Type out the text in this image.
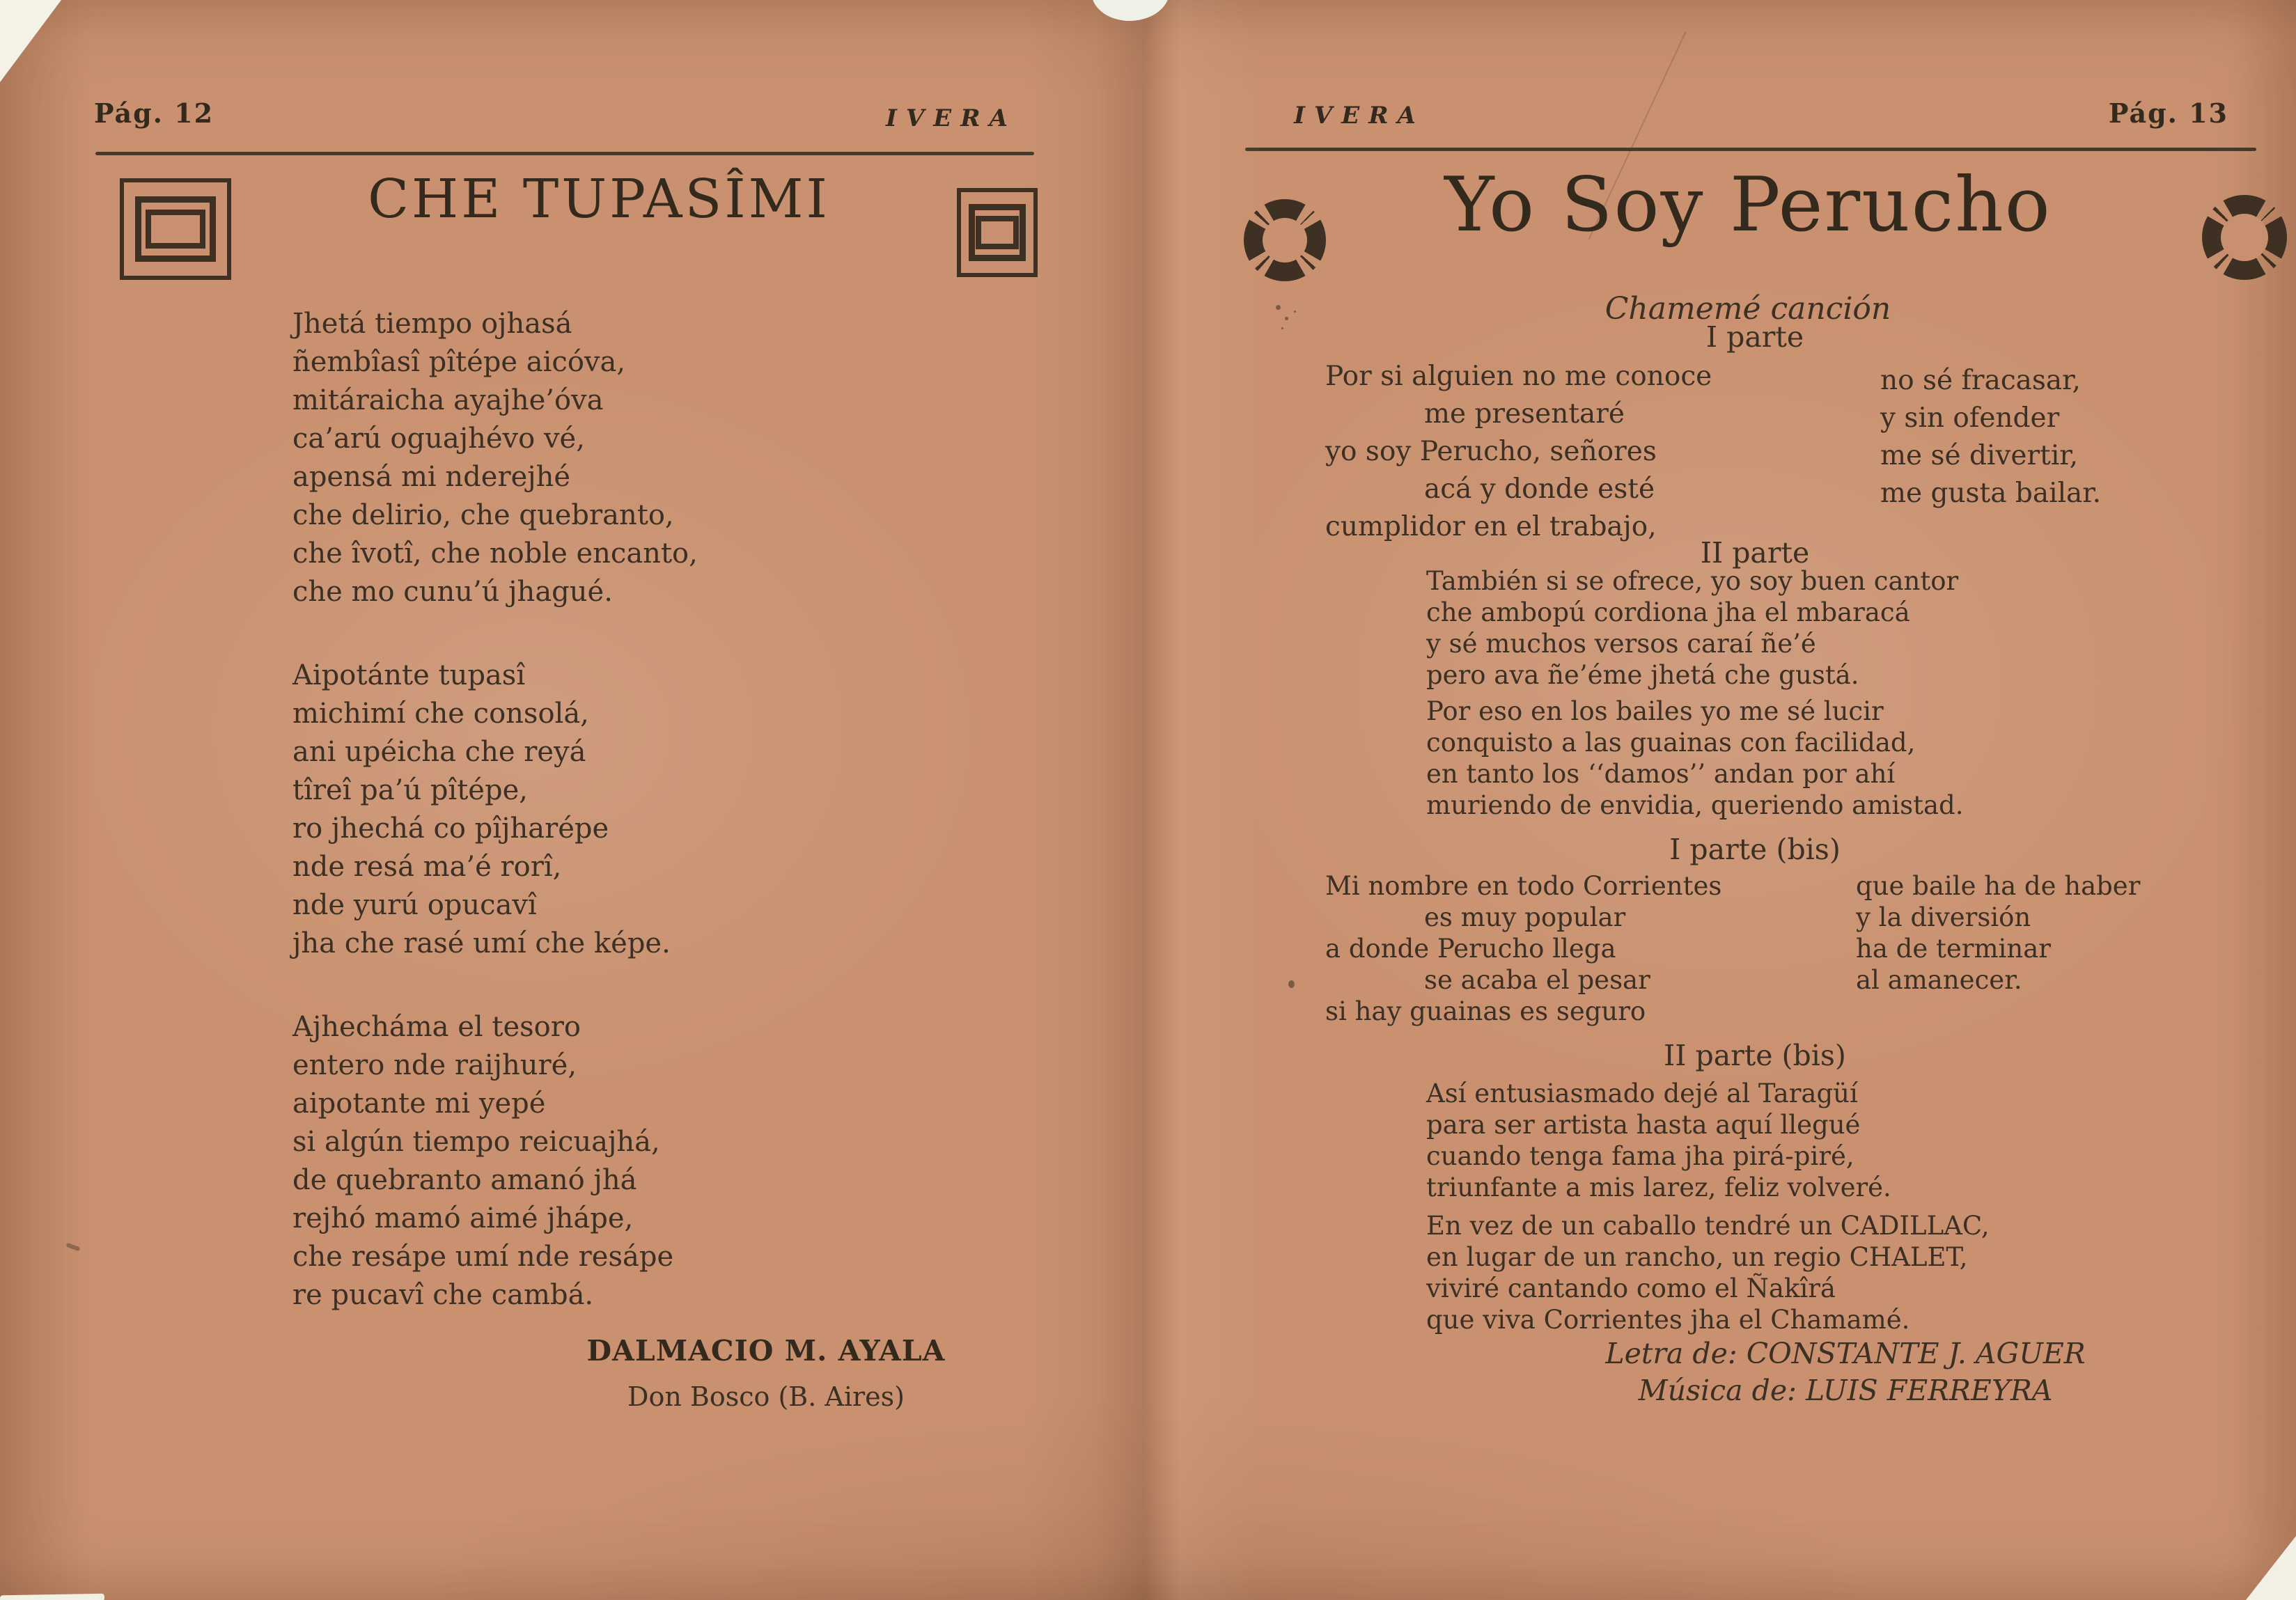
Pág. 12	IVERA
CHE TUPASÎMI
Jhetá tiempo ojhasá
ñembîasî pîtépe aicóva,
mitáraicha ayajhe’óva
ca’arú oguajhévo vé,
apensá mi nderejhé
che delirio, che quebranto,
che îvotî, che noble encanto,
che mo cunu’ú jhagué.
Aipotánte tupasî
michimí che consolá,
ani upéicha che reyá
tîreî pa’ú pîtépe,
ro jhechá co pîjharépe
nde resá ma’é rorî,
nde yurú opucavî
jha che rasé umí che képe.
Ajhecháma el tesoro
entero nde raijhuré,
aipotante mi yepé
si algún tiempo reicuajhá,
de quebranto amanó jhá
rejhó mamó aimé jhápe,
che resápe umí nde resápe
re pucavî che cambá.
DALMACIO M. AYALA
Don Bosco (B. Aires)
IVERA	Pág. 13
Yo Soy Perucho
Chamemé canción
I parte
Por si alguien no me conoce
me presentaré
yo soy Perucho, señores
acá y donde esté
cumplidor en el trabajo,
no sé fracasar,
y sin ofender
me sé divertir,
me gusta bailar.
II parte
También si se ofrece, yo soy buen cantor
che ambopú cordiona jha el mbaracá
y sé muchos versos caraí ñe’é
pero ava ñe’éme jhetá che gustá.
Por eso en los bailes yo me sé lucir
conquisto a las guainas con facilidad,
en tanto los ‘‘damos’’ andan por ahí
muriendo de envidia, queriendo amistad.
I parte (bis)
Mi nombre en todo Corrientes
es muy popular
a donde Perucho llega
se acaba el pesar
si hay guainas es seguro
que baile ha de haber
y la diversión
ha de terminar
al amanecer.
II parte (bis)
Así entusiasmado dejé al Taragüí
para ser artista hasta aquí llegué
cuando tenga fama jha pirá-piré,
triunfante a mis larez, feliz volveré.
En vez de un caballo tendré un CADILLAC,
en lugar de un rancho, un regio CHALET,
viviré cantando como el Ñakîrá
que viva Corrientes jha el Chamamé.
Letra de: CONSTANTE J. AGUER
Música de: LUIS FERREYRA
